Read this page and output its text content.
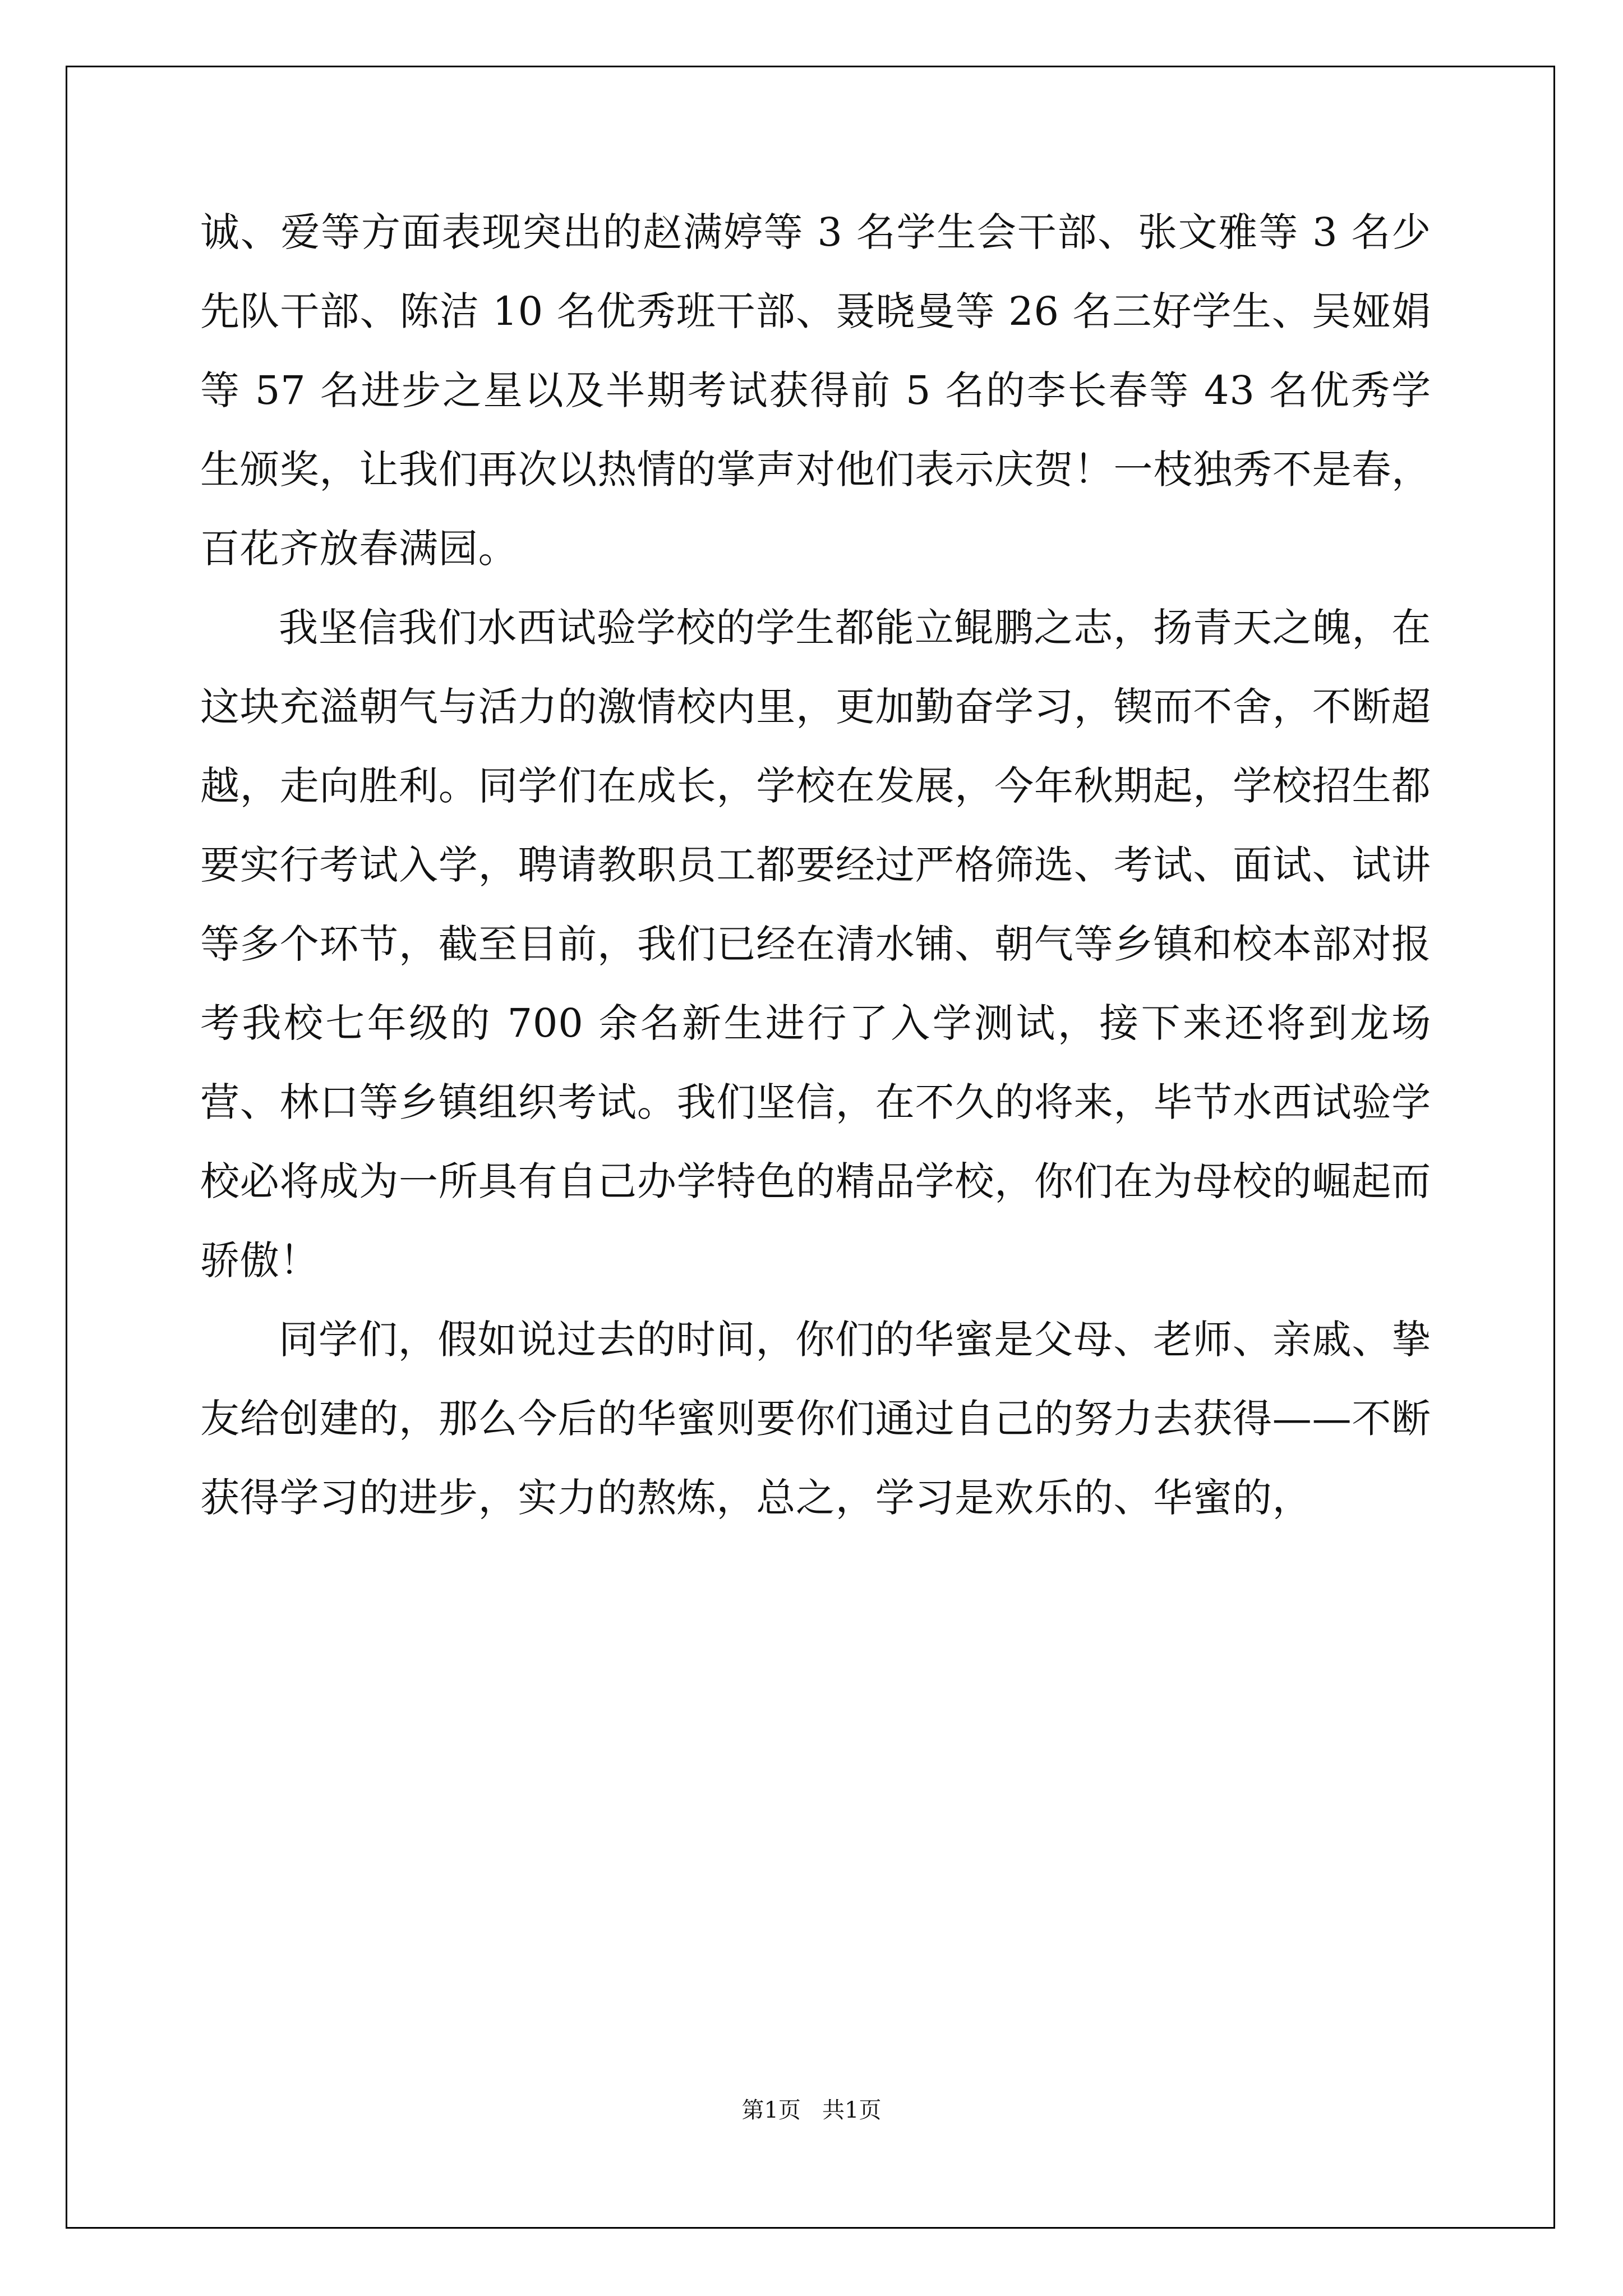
诚、爱等方面表现突出的赵满婷等 3 名学生会干部、张文雅等 3 名少先队干部、陈洁 10 名优秀班干部、聂晓曼等 26 名三好学生、吴娅娟等 57 名进步之星以及半期考试获得前 5 名的李长春等 43 名优秀学生颁奖，让我们再次以热情的掌声对他们表示庆贺！一枝独秀不是春，百花齐放春满园。

我坚信我们水西试验学校的学生都能立鲲鹏之志，扬青天之魄，在这块充溢朝气与活力的激情校内里，更加勤奋学习，锲而不舍，不断超越，走向胜利。同学们在成长，学校在发展，今年秋期起，学校招生都要实行考试入学，聘请教职员工都要经过严格筛选、考试、面试、试讲等多个环节，截至目前，我们已经在清水铺、朝气等乡镇和校本部对报考我校七年级的 700 余名新生进行了入学测试，接下来还将到龙场营、林口等乡镇组织考试。我们坚信，在不久的将来，毕节水西试验学校必将成为一所具有自己办学特色的精品学校，你们在为母校的崛起而骄傲！

同学们，假如说过去的时间，你们的华蜜是父母、老师、亲戚、挚友给创建的，那么今后的华蜜则要你们通过自己的努力去获得——不断获得学习的进步，实力的熬炼，总之，学习是欢乐的、华蜜的，

第1页   共1页
